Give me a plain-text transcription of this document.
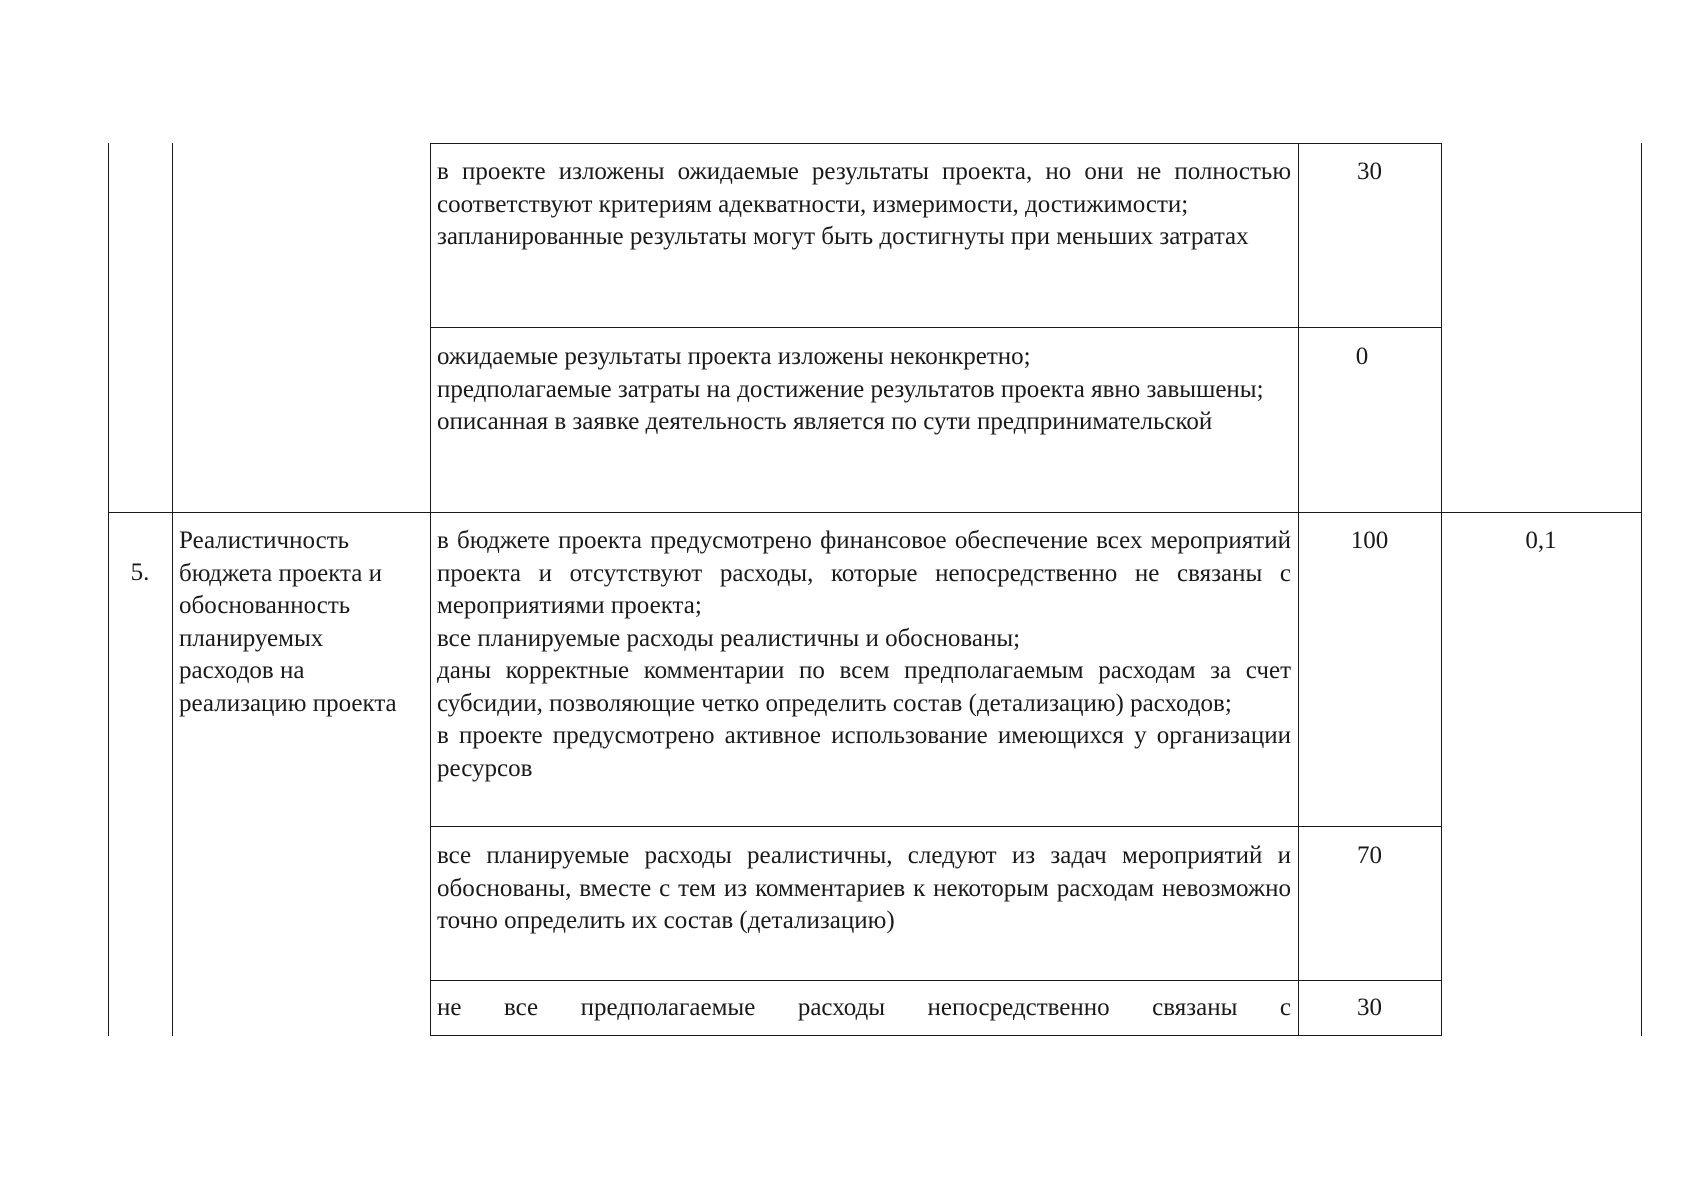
в проекте изложены ожидаемые результаты проекта, но они не полностью соответствуют критериям адекватности, измеримости, достижимости;

запланированные результаты могут быть достигнуты при меньших затратах

30

ожидаемые результаты проекта изложены неконкретно;

предполагаемые затраты на достижение результатов проекта явно завышены;

описанная в заявке деятельность является по сути предпринимательской

0
5.
Реалистичность бюджета проекта и обоснованность планируемых расходов на реализацию проекта

в бюджете проекта предусмотрено финансовое обеспечение всех мероприятий проекта и отсутствуют расходы, которые непосредственно не связаны с мероприятиями проекта;

все планируемые расходы реалистичны и обоснованы;

даны корректные комментарии по всем предполагаемым расходам за счет субсидии, позволяющие четко определить состав (детализацию) расходов;

в проекте предусмотрено активное использование имеющихся у организации ресурсов

100	0,1

все планируемые расходы реалистичны, следуют из задач мероприятий и обоснованы, вместе с тем из комментариев к некоторым расходам невозможно точно определить их состав (детализацию)

70

не все предполагаемые расходы непосредственно связаны с	30
